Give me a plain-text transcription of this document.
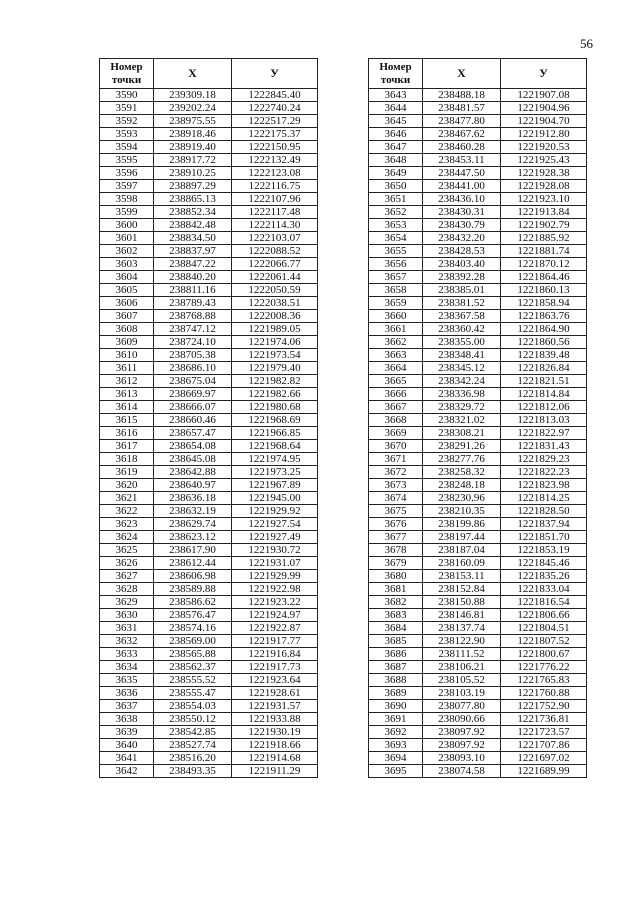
56
Номер
точки	Х	У
3590	239309.18	1222845.40
3591	239202.24	1222740.24
3592	238975.55	1222517.29
3593	238918.46	1222175.37
3594	238919.40	1222150.95
3595	238917.72	1222132.49
3596	238910.25	1222123.08
3597	238897.29	1222116.75
3598	238865.13	1222107.96
3599	238852.34	1222117.48
3600	238842.48	1222114.30
3601	238834.50	1222103.07
3602	238837.97	1222088.52
3603	238847.22	1222066.77
3604	238840.20	1222061.44
3605	238811.16	1222050.59
3606	238789.43	1222038.51
3607	238768.88	1222008.36
3608	238747.12	1221989.05
3609	238724.10	1221974.06
3610	238705.38	1221973.54
3611	238686.10	1221979.40
3612	238675.04	1221982.82
3613	238669.97	1221982.66
3614	238666.07	1221980.68
3615	238660.46	1221968.69
3616	238657.47	1221966.85
3617	238654.08	1221968.64
3618	238645.08	1221974.95
3619	238642.88	1221973.25
3620	238640.97	1221967.89
3621	238636.18	1221945.00
3622	238632.19	1221929.92
3623	238629.74	1221927.54
3624	238623.12	1221927.49
3625	238617.90	1221930.72
3626	238612.44	1221931.07
3627	238606.98	1221929.99
3628	238589.88	1221922.98
3629	238586.62	1221923.22
3630	238576.47	1221924.97
3631	238574.16	1221922.87
3632	238569.00	1221917.77
3633	238565.88	1221916.84
3634	238562.37	1221917.73
3635	238555.52	1221923.64
3636	238555.47	1221928.61
3637	238554.03	1221931.57
3638	238550.12	1221933.88
3639	238542.85	1221930.19
3640	238527.74	1221918.66
3641	238516.20	1221914.68
3642	238493.35	1221911.29
Номер
точки	Х	У
3643	238488.18	1221907.08
3644	238481.57	1221904.96
3645	238477.80	1221904.70
3646	238467.62	1221912.80
3647	238460.28	1221920.53
3648	238453.11	1221925.43
3649	238447.50	1221928.38
3650	238441.00	1221928.08
3651	238436.10	1221923.10
3652	238430.31	1221913.84
3653	238430.79	1221902.79
3654	238432.20	1221885.92
3655	238428.53	1221881.74
3656	238403.40	1221870.12
3657	238392.28	1221864.46
3658	238385.01	1221860.13
3659	238381.52	1221858.94
3660	238367.58	1221863.76
3661	238360.42	1221864.90
3662	238355.00	1221860.56
3663	238348.41	1221839.48
3664	238345.12	1221826.84
3665	238342.24	1221821.51
3666	238336.98	1221814.84
3667	238329.72	1221812.06
3668	238321.02	1221813.03
3669	238308.21	1221822.97
3670	238291.26	1221831.43
3671	238277.76	1221829.23
3672	238258.32	1221822.23
3673	238248.18	1221823.98
3674	238230.96	1221814.25
3675	238210.35	1221828.50
3676	238199.86	1221837.94
3677	238197.44	1221851.70
3678	238187.04	1221853.19
3679	238160.09	1221845.46
3680	238153.11	1221835.26
3681	238152.84	1221833.04
3682	238150.88	1221816.54
3683	238146.81	1221806.66
3684	238137.74	1221804.51
3685	238122.90	1221807.52
3686	238111.52	1221800.67
3687	238106.21	1221776.22
3688	238105.52	1221765.83
3689	238103.19	1221760.88
3690	238077.80	1221752.90
3691	238090.66	1221736.81
3692	238097.92	1221723.57
3693	238097.92	1221707.86
3694	238093.10	1221697.02
3695	238074.58	1221689.99
